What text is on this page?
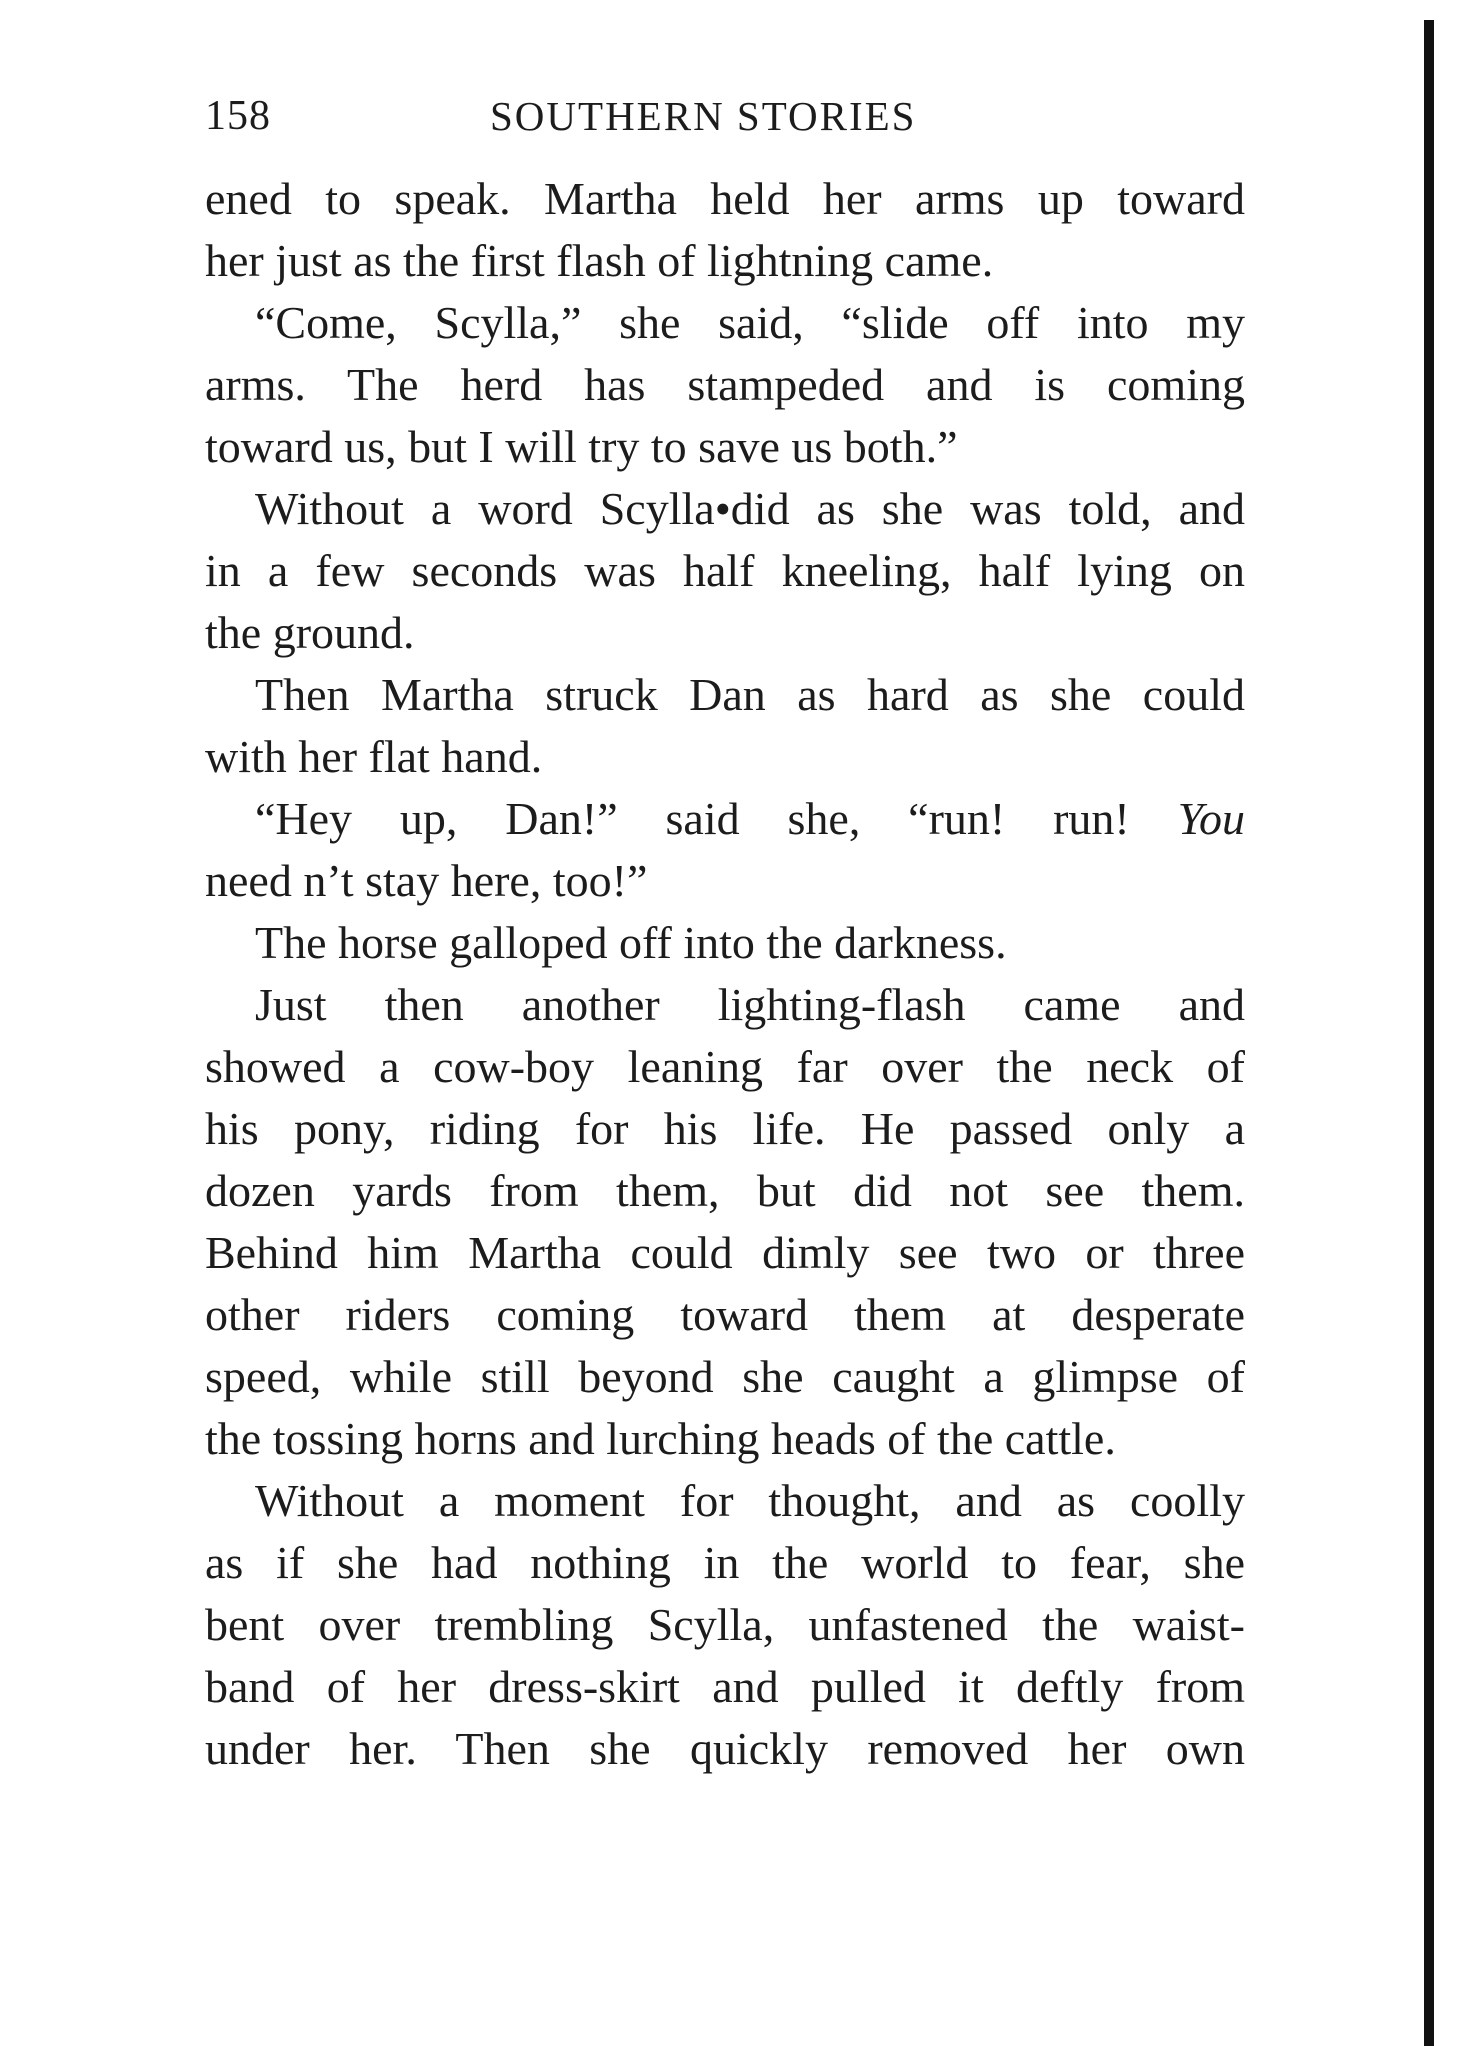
158	SOUTHERN STORIES
ened to speak. Martha held her arms up toward
her just as the first flash of lightning came.
“Come, Scylla,” she said, “slide off into my
arms. The herd has stampeded and is coming
toward us, but I will try to save us both.”
Without a word Scylla•did as she was told, and
in a few seconds was half kneeling, half lying on
the ground.
Then Martha struck Dan as hard as she could
with her flat hand.
“Hey up, Dan!” said she, “run! run! You
need n’t stay here, too!”
The horse galloped off into the darkness.
Just then another lighting-flash came and
showed a cow-boy leaning far over the neck of
his pony, riding for his life. He passed only a
dozen yards from them, but did not see them.
Behind him Martha could dimly see two or three
other riders coming toward them at desperate
speed, while still beyond she caught a glimpse of
the tossing horns and lurching heads of the cattle.
Without a moment for thought, and as coolly
as if she had nothing in the world to fear, she
bent over trembling Scylla, unfastened the waist-
band of her dress-skirt and pulled it deftly from
under her. Then she quickly removed her own
